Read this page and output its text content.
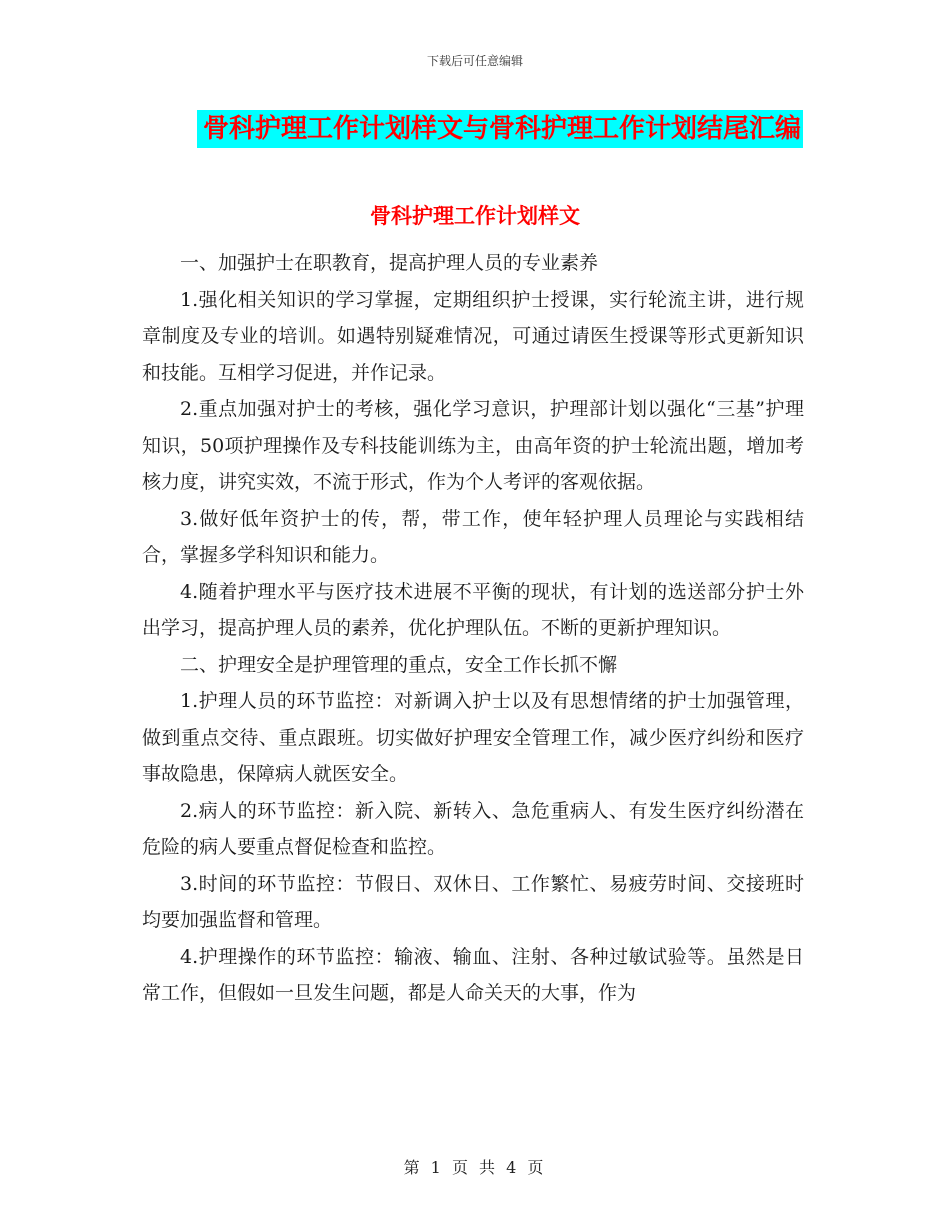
下载后可任意编辑
骨科护理工作计划样文与骨科护理工作计划结尾汇编
骨科护理工作计划样文

一、加强护士在职教育，提高护理人员的专业素养

1.强化相关知识的学习掌握，定期组织护士授课，实行轮流主讲，进行规章制度及专业的培训。如遇特别疑难情况，可通过请医生授课等形式更新知识和技能。互相学习促进，并作记录。

2.重点加强对护士的考核，强化学习意识，护理部计划以强化“三基”护理知识，50项护理操作及专科技能训练为主，由高年资的护士轮流出题，增加考核力度，讲究实效，不流于形式，作为个人考评的客观依据。

3.做好低年资护士的传，帮，带工作，使年轻护理人员理论与实践相结合，掌握多学科知识和能力。

4.随着护理水平与医疗技术进展不平衡的现状，有计划的选送部分护士外出学习，提高护理人员的素养，优化护理队伍。不断的更新护理知识。

二、护理安全是护理管理的重点，安全工作长抓不懈

1.护理人员的环节监控：对新调入护士以及有思想情绪的护士加强管理，做到重点交待、重点跟班。切实做好护理安全管理工作，减少医疗纠纷和医疗事故隐患，保障病人就医安全。

2.病人的环节监控：新入院、新转入、急危重病人、有发生医疗纠纷潜在危险的病人要重点督促检查和监控。

3.时间的环节监控：节假日、双休日、工作繁忙、易疲劳时间、交接班时均要加强监督和管理。

4.护理操作的环节监控：输液、输血、注射、各种过敏试验等。虽然是日常工作，但假如一旦发生问题，都是人命关天的大事，作为

第 1 页 共 4 页
